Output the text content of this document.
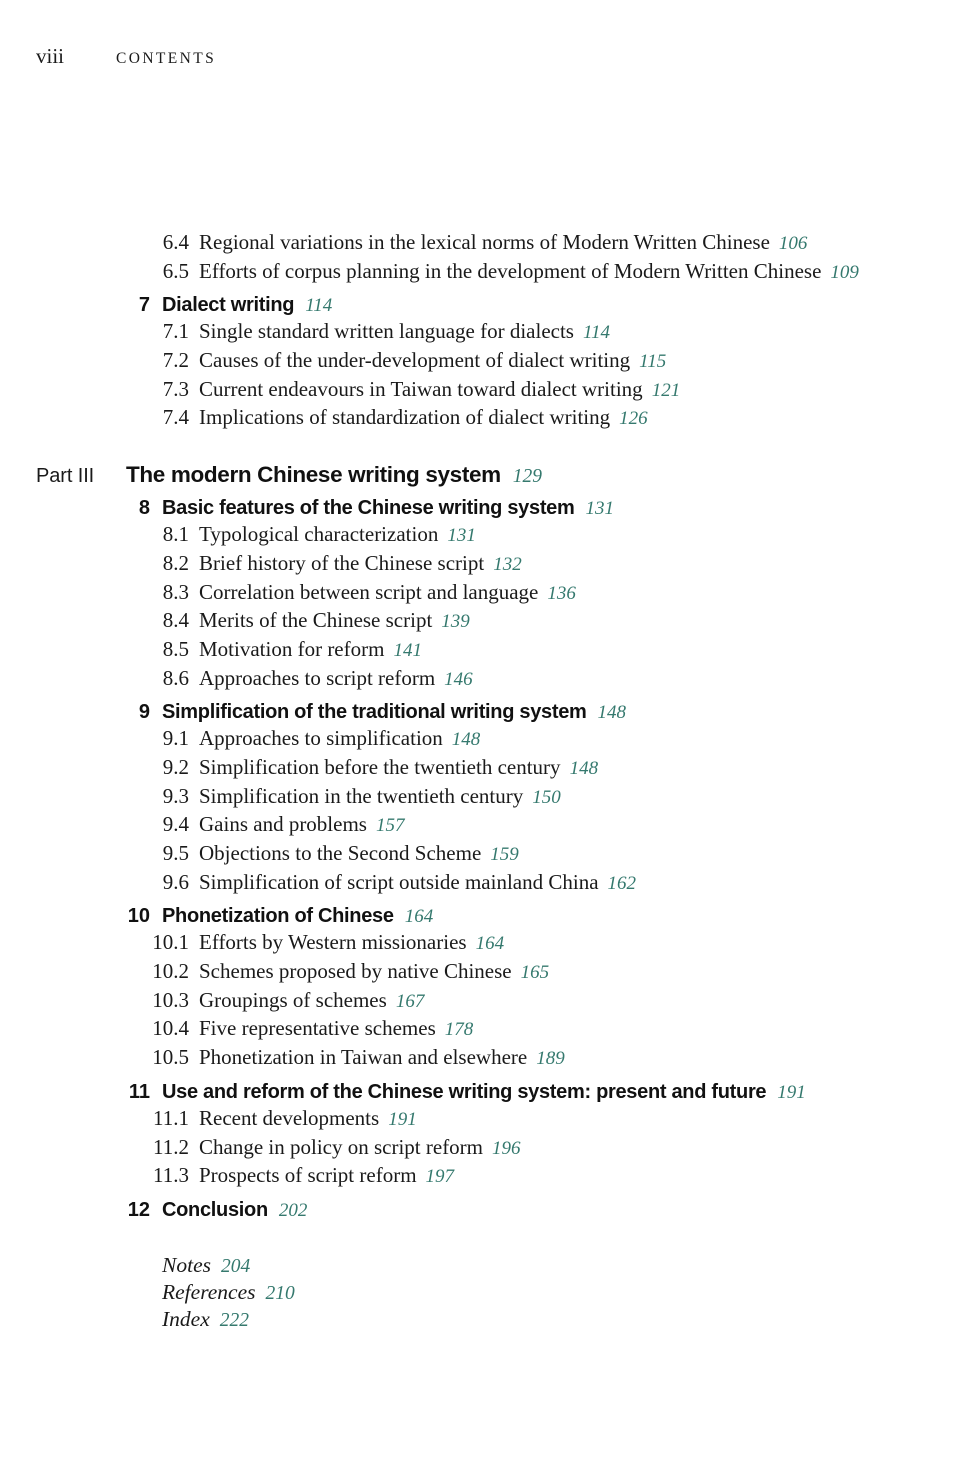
viii	CONTENTS
6.4 Regional variations in the lexical norms of Modern Written Chinese 106
6.5 Efforts of corpus planning in the development of Modern Written Chinese 109
7 Dialect writing 114
7.1 Single standard written language for dialects 114
7.2 Causes of the under-development of dialect writing 115
7.3 Current endeavours in Taiwan toward dialect writing 121
7.4 Implications of standardization of dialect writing 126
Part III	The modern Chinese writing system 129
8 Basic features of the Chinese writing system 131
8.1 Typological characterization 131
8.2 Brief history of the Chinese script 132
8.3 Correlation between script and language 136
8.4 Merits of the Chinese script 139
8.5 Motivation for reform 141
8.6 Approaches to script reform 146
9 Simplification of the traditional writing system 148
9.1 Approaches to simplification 148
9.2 Simplification before the twentieth century 148
9.3 Simplification in the twentieth century 150
9.4 Gains and problems 157
9.5 Objections to the Second Scheme 159
9.6 Simplification of script outside mainland China 162
10 Phonetization of Chinese 164
10.1 Efforts by Western missionaries 164
10.2 Schemes proposed by native Chinese 165
10.3 Groupings of schemes 167
10.4 Five representative schemes 178
10.5 Phonetization in Taiwan and elsewhere 189
11 Use and reform of the Chinese writing system: present and future 191
11.1 Recent developments 191
11.2 Change in policy on script reform 196
11.3 Prospects of script reform 197
12 Conclusion 202
Notes 204
References 210
Index 222
